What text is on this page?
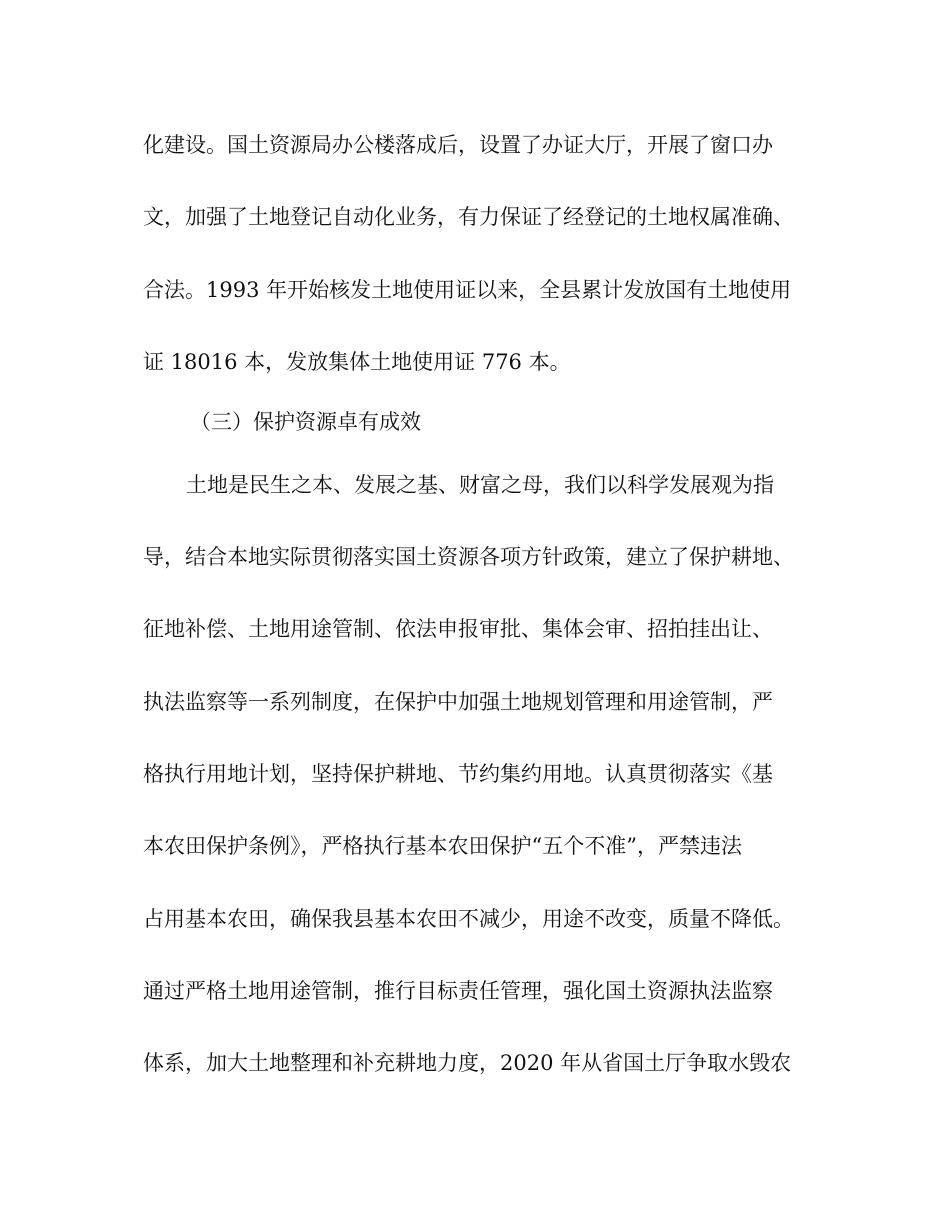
化建设。国土资源局办公楼落成后，设置了办证大厅，开展了窗口办
文，加强了土地登记自动化业务，有力保证了经登记的土地权属准确、
合法。1993 年开始核发土地使用证以来，全县累计发放国有土地使用
证 18016 本，发放集体土地使用证 776 本。
（三）保护资源卓有成效
土地是民生之本、发展之基、财富之母，我们以科学发展观为指
导，结合本地实际贯彻落实国土资源各项方针政策，建立了保护耕地、
征地补偿、土地用途管制、依法申报审批、集体会审、招拍挂出让、
执法监察等一系列制度，在保护中加强土地规划管理和用途管制，严
格执行用地计划，坚持保护耕地、节约集约用地。认真贯彻落实《基
本农田保护条例》，严格执行基本农田保护“五个不准”，严禁违法
占用基本农田，确保我县基本农田不减少，用途不改变，质量不降低。
通过严格土地用途管制，推行目标责任管理，强化国土资源执法监察
体系，加大土地整理和补充耕地力度，2020 年从省国土厅争取水毁农
